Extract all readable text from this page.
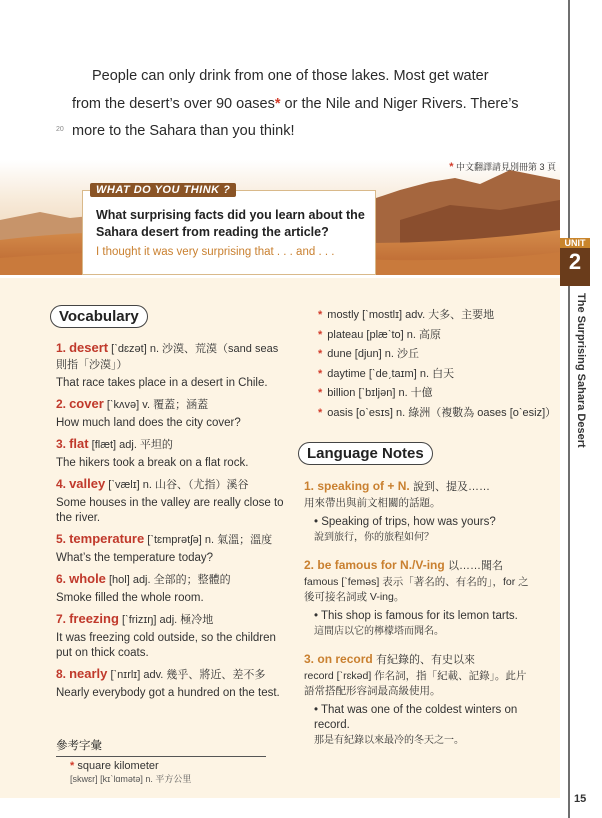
People can only drink from one of those lakes. Most get water
from the desert’s over 90 oases* or the Nile and Niger Rivers. There’s
more to the Sahara than you think!
20
* 中文翻譯請見別冊第 3 頁
WHAT DO YOU THINK ?
What surprising facts did you learn about the Sahara desert from reading the article?
I thought it was very surprising that . . . and . . .
UNIT
2
The Surprising Sahara Desert
Vocabulary
1. desert [ˋdɛzət] n. 沙漠、荒漠（sand seas 則指「沙漠」）
That race takes place in a desert in Chile.
2. cover [ˋkʌvə] v. 覆蓋；涵蓋
How much land does the city cover?
3. flat [flæt] adj. 平坦的
The hikers took a break on a flat rock.
4. valley [ˋvælɪ] n. 山谷、（尤指）溪谷
Some houses in the valley are really close to the river.
5. temperature [ˋtɛmprətʃə] n. 氣溫；溫度
What’s the temperature today?
6. whole [hol] adj. 全部的；整體的
Smoke filled the whole room.
7. freezing [ˋfrizɪŋ] adj. 極冷地
It was freezing cold outside, so the children put on thick coats.
8. nearly [ˋnɪrlɪ] adv. 幾乎、將近、差不多
Nearly everybody got a hundred on the test.
參考字彙
* square kilometer
[skwɛr] [kɪˋlɑmətə] n. 平方公里
* mostly [ˋmostlɪ] adv. 大多、主要地
* plateau [plæˋto] n. 高原
* dune [djun] n. 沙丘
* daytime [ˋdeˏtaɪm] n. 白天
* billion [ˋbɪljən] n. 十億
* oasis [oˋesɪs] n. 綠洲（複數為 oases [oˋesiz]）
Language Notes
1. speaking of + N. 說到、提及……
用來帶出與前文相關的話題。
• Speaking of trips, how was yours?
說到旅行，你的旅程如何？
2. be famous for N./V-ing 以……聞名
famous [ˋfeməs] 表示「著名的、有名的」，for 之後可接名詞或 V-ing。
• This shop is famous for its lemon tarts.
這間店以它的檸檬塔而聞名。
3. on record 有紀錄的、有史以來
record [ˋrɛkəd] 作名詞，指「紀載、記錄」。此片語常搭配形容詞最高級使用。
• That was one of the coldest winters on record.
那是有紀錄以來最冷的冬天之一。
15
